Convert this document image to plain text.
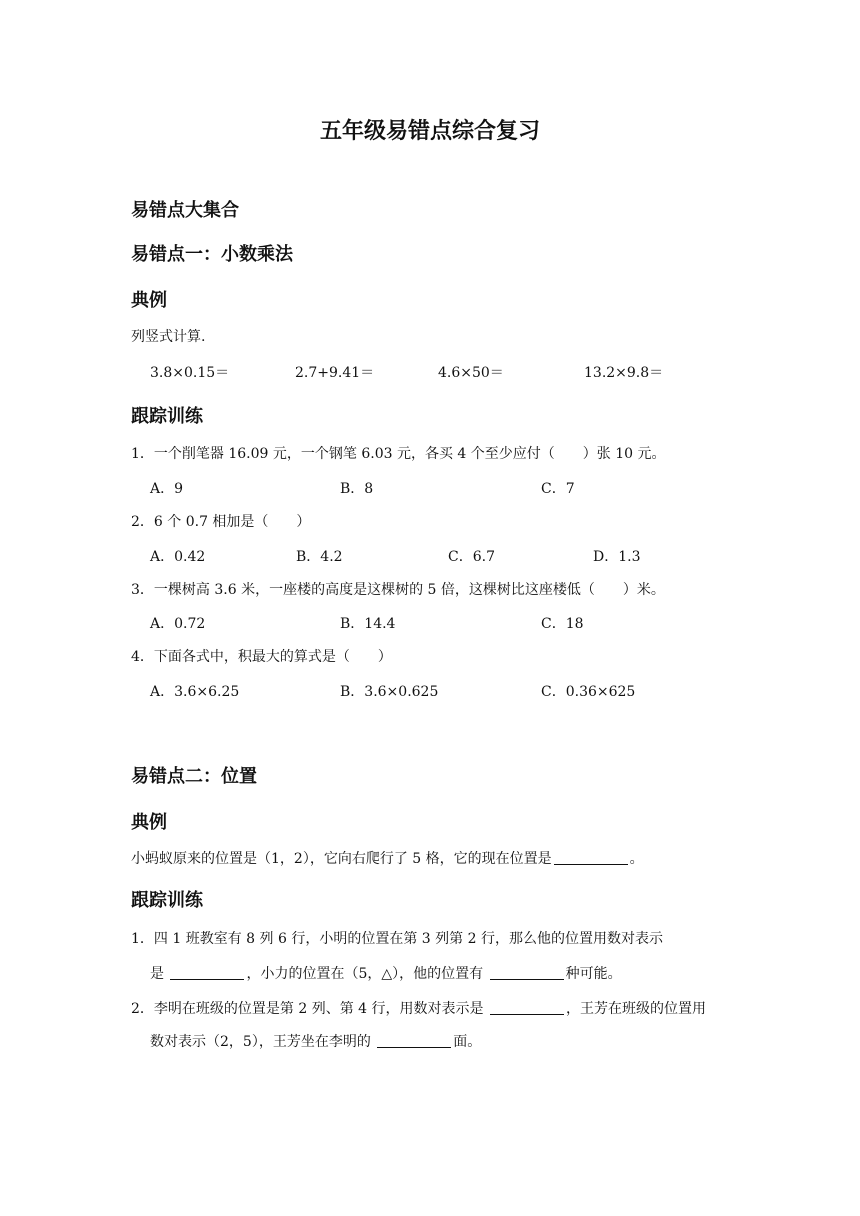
五年级易错点综合复习
易错点大集合
易错点一：小数乘法
典例
列竖式计算.
3.8×0.15＝	2.7+9.41＝	4.6×50＝	13.2×9.8＝
跟踪训练
1．一个削笔器 16.09 元，一个钢笔 6.03 元，各买 4 个至少应付（　　）张 10 元。
A．9	B．8	C．7
2．6 个 0.7 相加是（　　）
A．0.42	B．4.2	C．6.7	D．1.3
3．一棵树高 3.6 米，一座楼的高度是这棵树的 5 倍，这棵树比这座楼低（　　）米。
A．0.72	B．14.4	C．18
4．下面各式中，积最大的算式是（　　）
A．3.6×6.25	B．3.6×0.625	C．0.36×625
易错点二：位置
典例
小蚂蚁原来的位置是（1，2），它向右爬行了 5 格，它的现在位置是	。
跟踪训练
1．四 1 班教室有 8 列 6 行，小明的位置在第 3 列第 2 行，那么他的位置用数对表示
是	，小力的位置在（5，△），他的位置有	种可能。
2．李明在班级的位置是第 2 列、第 4 行，用数对表示是	，王芳在班级的位置用
数对表示（2，5），王芳坐在李明的	面。
